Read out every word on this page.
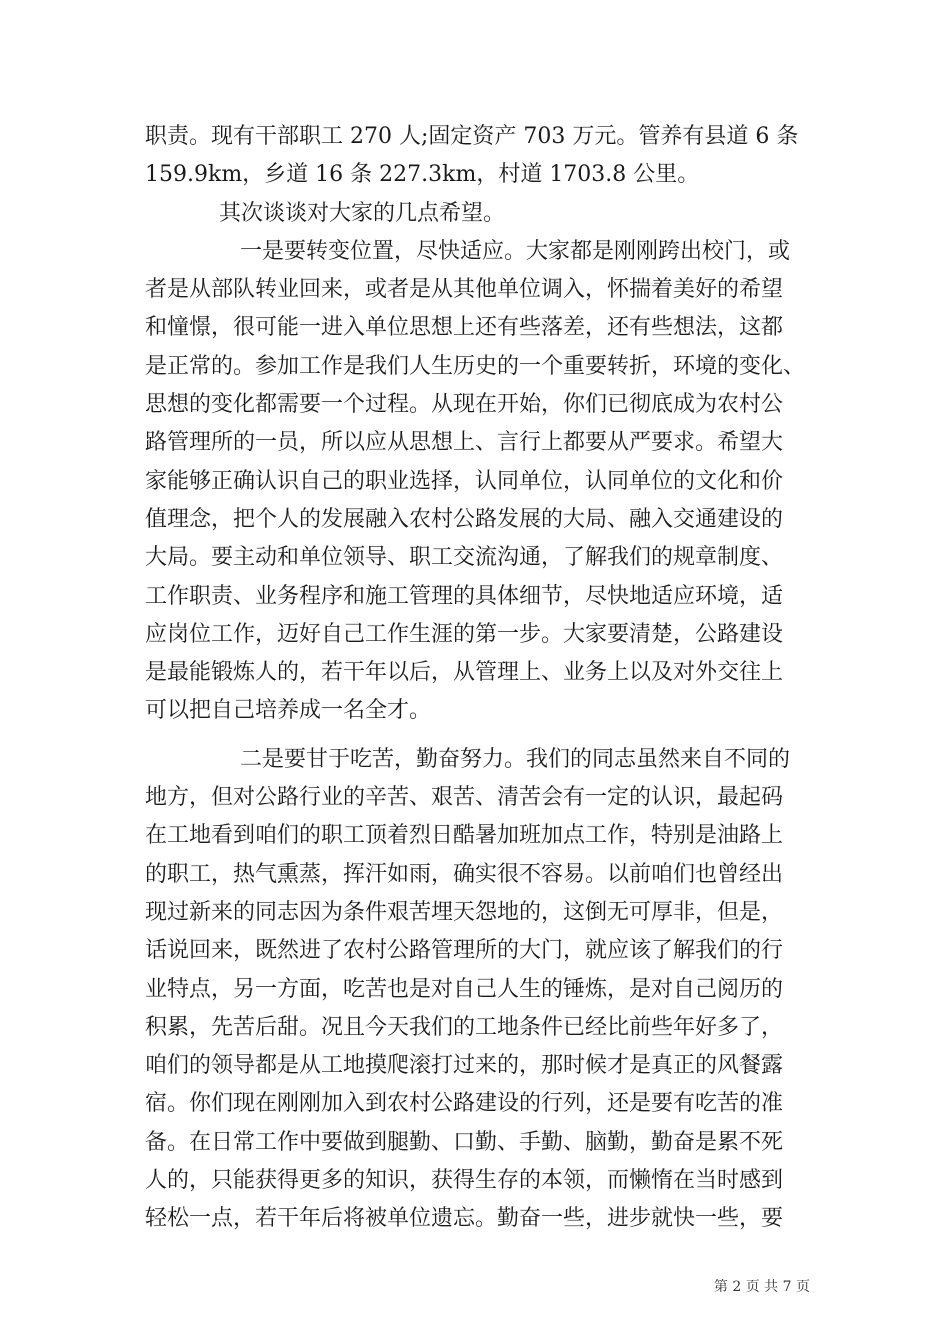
职责。现有干部职工 270 人;固定资产 703 万元。管养有县道 6 条
159.9km，乡道 16 条 227.3km，村道 1703.8 公里。
其次谈谈对大家的几点希望。
一是要转变位置，尽快适应。大家都是刚刚跨出校门，或
者是从部队转业回来，或者是从其他单位调入，怀揣着美好的希望
和憧憬，很可能一进入单位思想上还有些落差，还有些想法，这都
是正常的。参加工作是我们人生历史的一个重要转折，环境的变化、
思想的变化都需要一个过程。从现在开始，你们已彻底成为农村公
路管理所的一员，所以应从思想上、言行上都要从严要求。希望大
家能够正确认识自己的职业选择，认同单位，认同单位的文化和价
值理念，把个人的发展融入农村公路发展的大局、融入交通建设的
大局。要主动和单位领导、职工交流沟通，了解我们的规章制度、
工作职责、业务程序和施工管理的具体细节，尽快地适应环境，适
应岗位工作，迈好自己工作生涯的第一步。大家要清楚，公路建设
是最能锻炼人的，若干年以后，从管理上、业务上以及对外交往上
可以把自己培养成一名全才。
二是要甘于吃苦，勤奋努力。我们的同志虽然来自不同的
地方，但对公路行业的辛苦、艰苦、清苦会有一定的认识，最起码
在工地看到咱们的职工顶着烈日酷暑加班加点工作，特别是油路上
的职工，热气熏蒸，挥汗如雨，确实很不容易。以前咱们也曾经出
现过新来的同志因为条件艰苦埋天怨地的，这倒无可厚非，但是，
话说回来，既然进了农村公路管理所的大门，就应该了解我们的行
业特点，另一方面，吃苦也是对自己人生的锤炼，是对自己阅历的
积累，先苦后甜。况且今天我们的工地条件已经比前些年好多了，
咱们的领导都是从工地摸爬滚打过来的，那时候才是真正的风餐露
宿。你们现在刚刚加入到农村公路建设的行列，还是要有吃苦的准
备。在日常工作中要做到腿勤、口勤、手勤、脑勤，勤奋是累不死
人的，只能获得更多的知识，获得生存的本领，而懒惰在当时感到
轻松一点，若干年后将被单位遗忘。勤奋一些，进步就快一些，要
第 2 页 共 7 页
